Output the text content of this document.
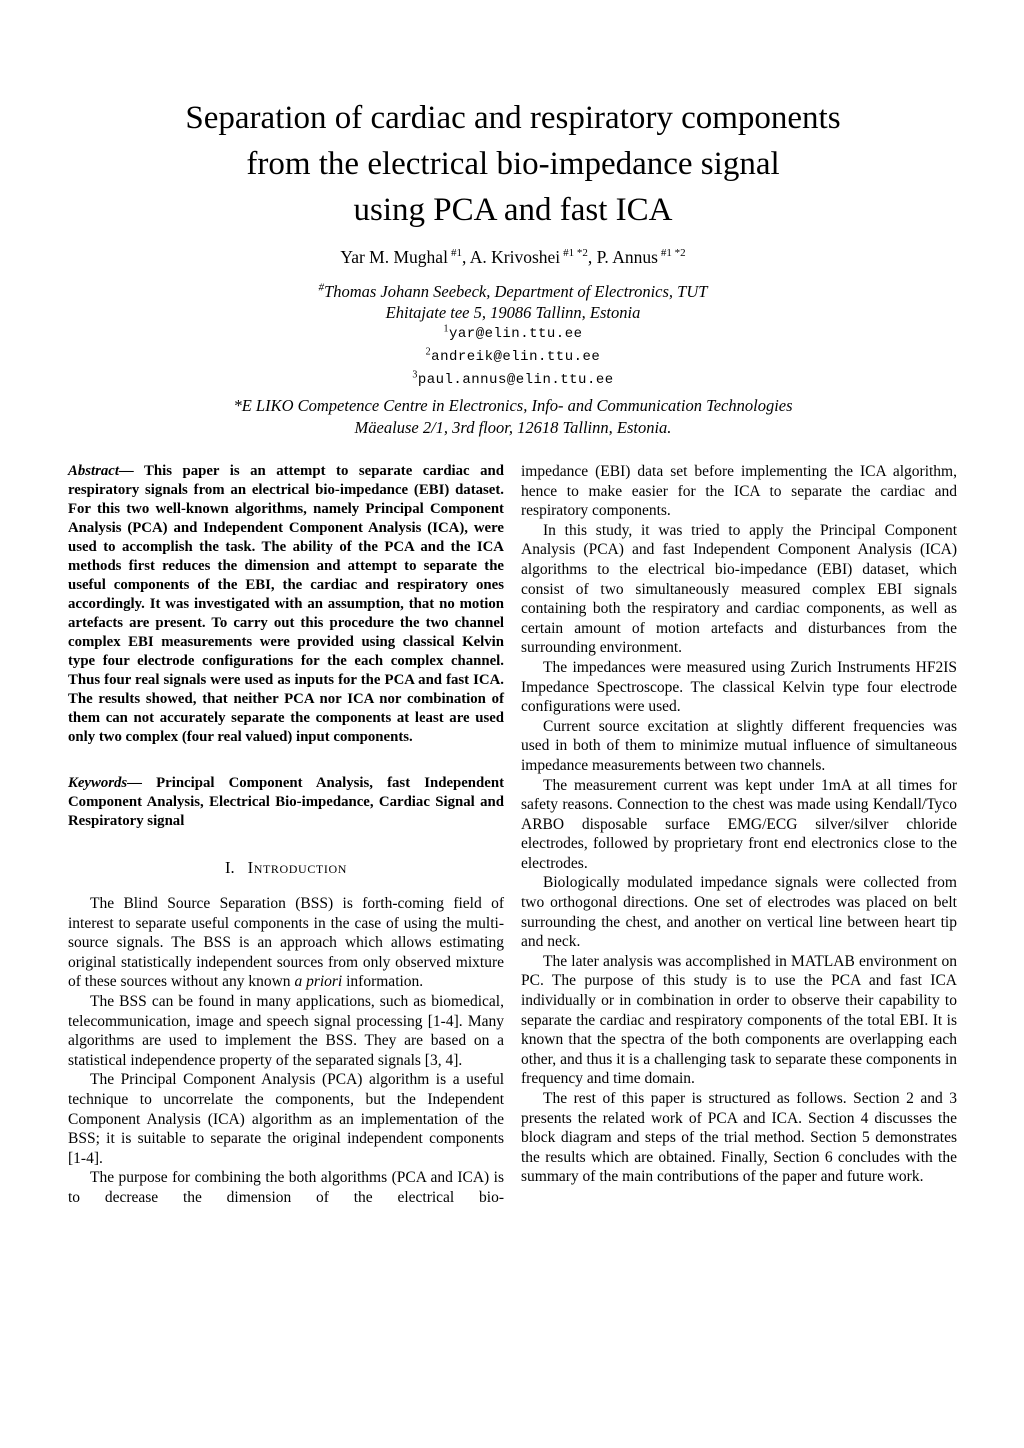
Separation of cardiac and respiratory components
from the electrical bio-impedance signal
using PCA and fast ICA
Yar M. Mughal $^{\#1}$, A. Krivoshei $^{\#1 *2}$, P. Annus $^{\#1 *2}$
#Thomas Johann Seebeck, Department of Electronics, TUT
Ehitajate tee 5, 19086 Tallinn, Estonia
$^1$yar@elin.ttu.ee
$^2$andreik@elin.ttu.ee
$^3$paul.annus@elin.ttu.ee
*E LIKO Competence Centre in Electronics, Info- and Communication Technologies
Mäealuse 2/1, 3rd floor, 12618 Tallinn, Estonia.

Abstract— This paper is an attempt to separate cardiac and respiratory signals from an electrical bio-impedance (EBI) dataset. For this two well-known algorithms, namely Principal Component Analysis (PCA) and Independent Component Analysis (ICA), were used to accomplish the task. The ability of the PCA and the ICA methods first reduces the dimension and attempt to separate the useful components of the EBI, the cardiac and respiratory ones accordingly. It was investigated with an assumption, that no motion artefacts are present. To carry out this procedure the two channel complex EBI measurements were provided using classical Kelvin type four electrode configurations for the each complex channel. Thus four real signals were used as inputs for the PCA and fast ICA. The results showed, that neither PCA nor ICA nor combination of them can not accurately separate the components at least are used only two complex (four real valued) input components.

Keywords— Principal Component Analysis, fast Independent Component Analysis, Electrical Bio-impedance, Cardiac Signal and Respiratory signal

I. Introduction

The Blind Source Separation (BSS) is forth-coming field of interest to separate useful components in the case of using the multi-source signals. The BSS is an approach which allows estimating original statistically independent sources from only observed mixture of these sources without any known a priori information.

The BSS can be found in many applications, such as biomedical, telecommunication, image and speech signal processing [1-4]. Many algorithms are used to implement the BSS. They are based on a statistical independence property of the separated signals [3, 4].

The Principal Component Analysis (PCA) algorithm is a useful technique to uncorrelate the components, but the Independent Component Analysis (ICA) algorithm as an implementation of the BSS; it is suitable to separate the original independent components [1-4].

The purpose for combining the both algorithms (PCA and ICA) is to decrease the dimension of the electrical bio-

impedance (EBI) data set before implementing the ICA algorithm, hence to make easier for the ICA to separate the cardiac and respiratory components.

In this study, it was tried to apply the Principal Component Analysis (PCA) and fast Independent Component Analysis (ICA) algorithms to the electrical bio-impedance (EBI) dataset, which consist of two simultaneously measured complex EBI signals containing both the respiratory and cardiac components, as well as certain amount of motion artefacts and disturbances from the surrounding environment.

The impedances were measured using Zurich Instruments HF2IS Impedance Spectroscope. The classical Kelvin type four electrode configurations were used.

Current source excitation at slightly different frequencies was used in both of them to minimize mutual influence of simultaneous impedance measurements between two channels.

The measurement current was kept under 1mA at all times for safety reasons. Connection to the chest was made using Kendall/Tyco ARBO disposable surface EMG/ECG silver/silver chloride electrodes, followed by proprietary front end electronics close to the electrodes.

Biologically modulated impedance signals were collected from two orthogonal directions. One set of electrodes was placed on belt surrounding the chest, and another on vertical line between heart tip and neck.

The later analysis was accomplished in MATLAB environment on PC. The purpose of this study is to use the PCA and fast ICA individually or in combination in order to observe their capability to separate the cardiac and respiratory components of the total EBI. It is known that the spectra of the both components are overlapping each other, and thus it is a challenging task to separate these components in frequency and time domain.

The rest of this paper is structured as follows. Section 2 and 3 presents the related work of PCA and ICA. Section 4 discusses the block diagram and steps of the trial method. Section 5 demonstrates the results which are obtained. Finally, Section 6 concludes with the summary of the main contributions of the paper and future work.
